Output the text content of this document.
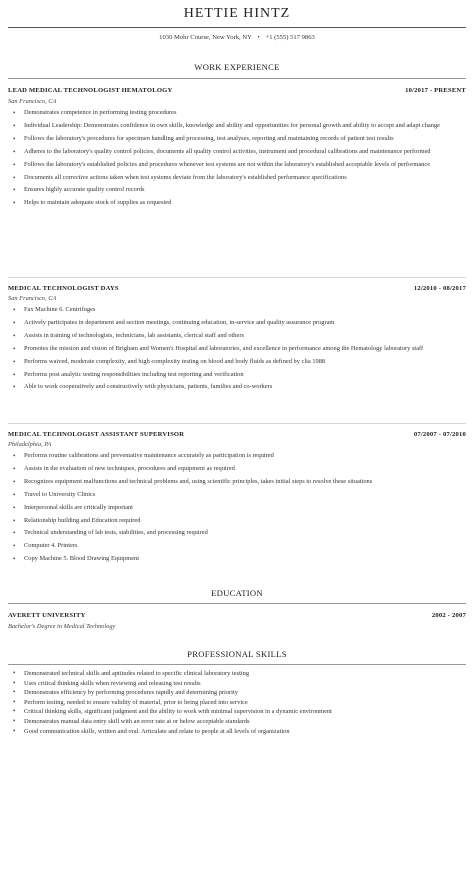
HETTIE HINTZ
1030 Mohr Course, New York, NY • +1 (555) 517 9863
WORK EXPERIENCE
LEAD MEDICAL TECHNOLOGIST HEMATOLOGY	10/2017 - PRESENT
San Francisco, CA
• Demonstrates competence in performing testing procedures
• Individual Leadership: Demonstrates confidence in own skills, knowledge and ability and opportunities for personal growth and ability to accept and adapt change
• Follows the laboratory's procedures for specimen handling and processing, test analyses, reporting and maintaining records of patient test results
• Adheres to the laboratory's quality control policies, documents all quality control activities, instrument and procedural calibrations and maintenance performed
• Follows the laboratory's established policies and procedures whenever test systems are not within the laboratory's established acceptable levels of performance
• Documents all corrective actions taken when test systems deviate from the laboratory's established performance specifications
• Ensures highly accurate quality control records
• Helps to maintain adequate stock of supplies as requested
MEDICAL TECHNOLOGIST DAYS	12/2010 - 08/2017
San Francisco, CA
• Fax Machine 6. Centrifuges
• Actively participates in department and section meetings, continuing education, in-service and quality assurance program
• Assists in training of technologists, technicians, lab assistants, clerical staff and others
• Promotes the mission and vision of Brigham and Women's Hospital and laboratories, and excellence in performance among the Hematology laboratory staff
• Performs waived, moderate complexity, and high complexity testing on blood and body fluids as defined by clia 1988
• Performs post analytic testing responsibilities including test reporting and verification
• Able to work cooperatively and constructively with physicians, patients, families and co-workers
MEDICAL TECHNOLOGIST ASSISTANT SUPERVISOR	07/2007 - 07/2010
Philadelphia, PA
• Performs routine calibrations and preventative maintenance accurately as participation is required
• Assists in the evaluation of new techniques, procedures and equipment as required
• Recognizes equipment malfunctions and technical problems and, using scientific principles, takes initial steps to resolve these situations
• Travel to University Clinics
• Interpersonal skills are critically important
• Relationship building and Education required
• Technical understanding of lab tests, stabilities, and processing required
• Computer 4. Printers
• Copy Machine 5. Blood Drawing Equipment
EDUCATION
AVERETT UNIVERSITY	2002 - 2007
Bachelor's Degree in Medical Technology
PROFESSIONAL SKILLS
• Demonstrated technical skills and aptitudes related to specific clinical laboratory testing
• Uses critical thinking skills when reviewing and releasing test results
• Demonstrates efficiency by performing procedures rapidly and determining priority
• Perform testing, needed to ensure validity of material, prior to being placed into service
• Critical thinking skills, significant judgment and the ability to work with minimal supervision in a dynamic environment
• Demonstrates manual data entry skill with an error rate at or below acceptable standards
• Good communication skills, written and oral. Articulate and relate to people at all levels of organization
